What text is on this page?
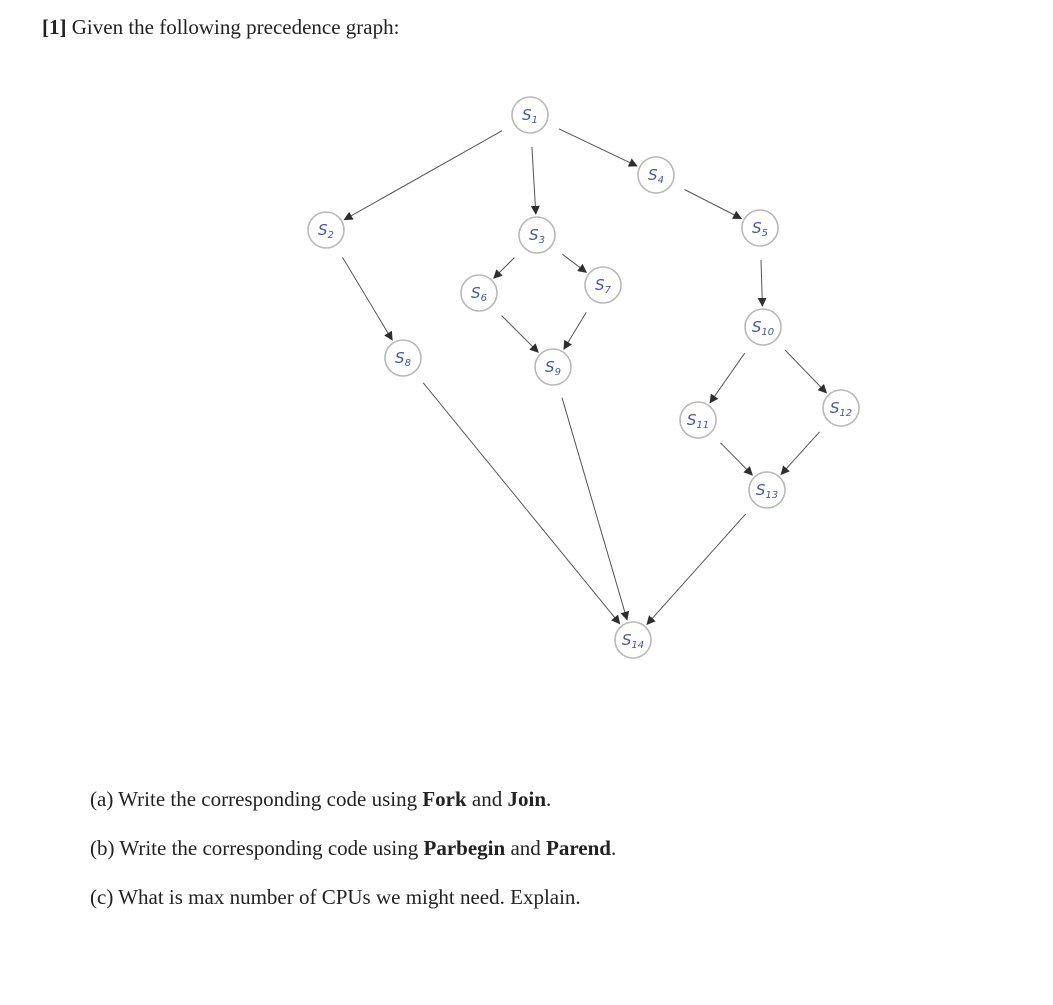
[1] Given the following precedence graph:
$S_1$
$S_2$	$S_3$
$S_4$
$S_5$
$S_6$
$S_7$
$S_8$	$S_9$
$S_{10}$
$S_{11}$
$S_{12}$
$S_{13}$
$S_{14}$
(a) Write the corresponding code using Fork and Join.
(b) Write the corresponding code using Parbegin and Parend.
(c) What is max number of CPUs we might need. Explain.
